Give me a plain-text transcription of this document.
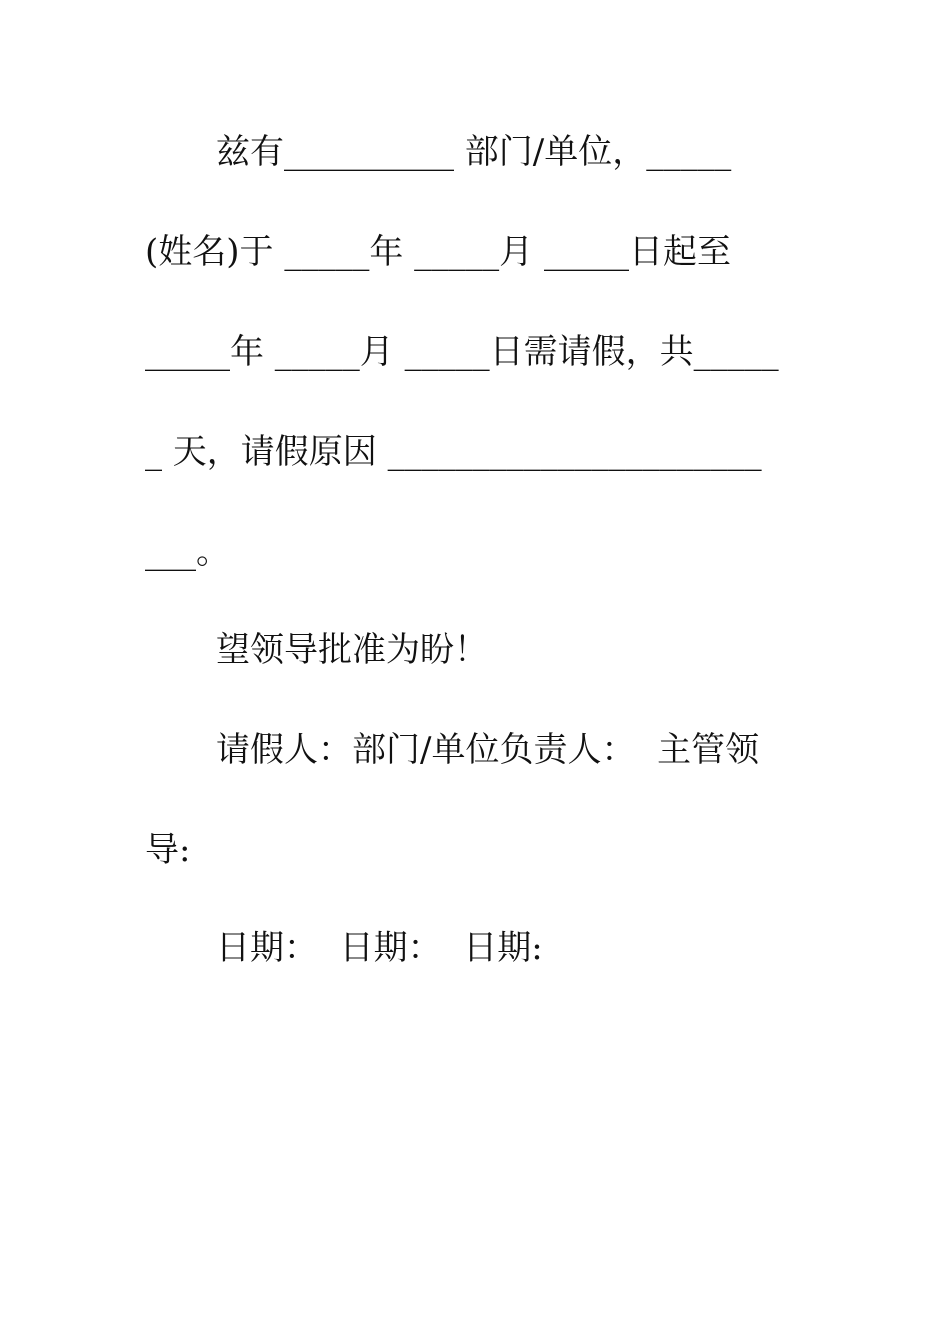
兹有__________ 部门/单位，_____
(姓名)于 _____年 _____月 _____日起至
_____年 _____月 _____日需请假，共_____
_ 天，请假原因 ______________________
___。
望领导批准为盼！
请假人：部门/单位负责人：  主管领
导:
日期：  日期：  日期:
